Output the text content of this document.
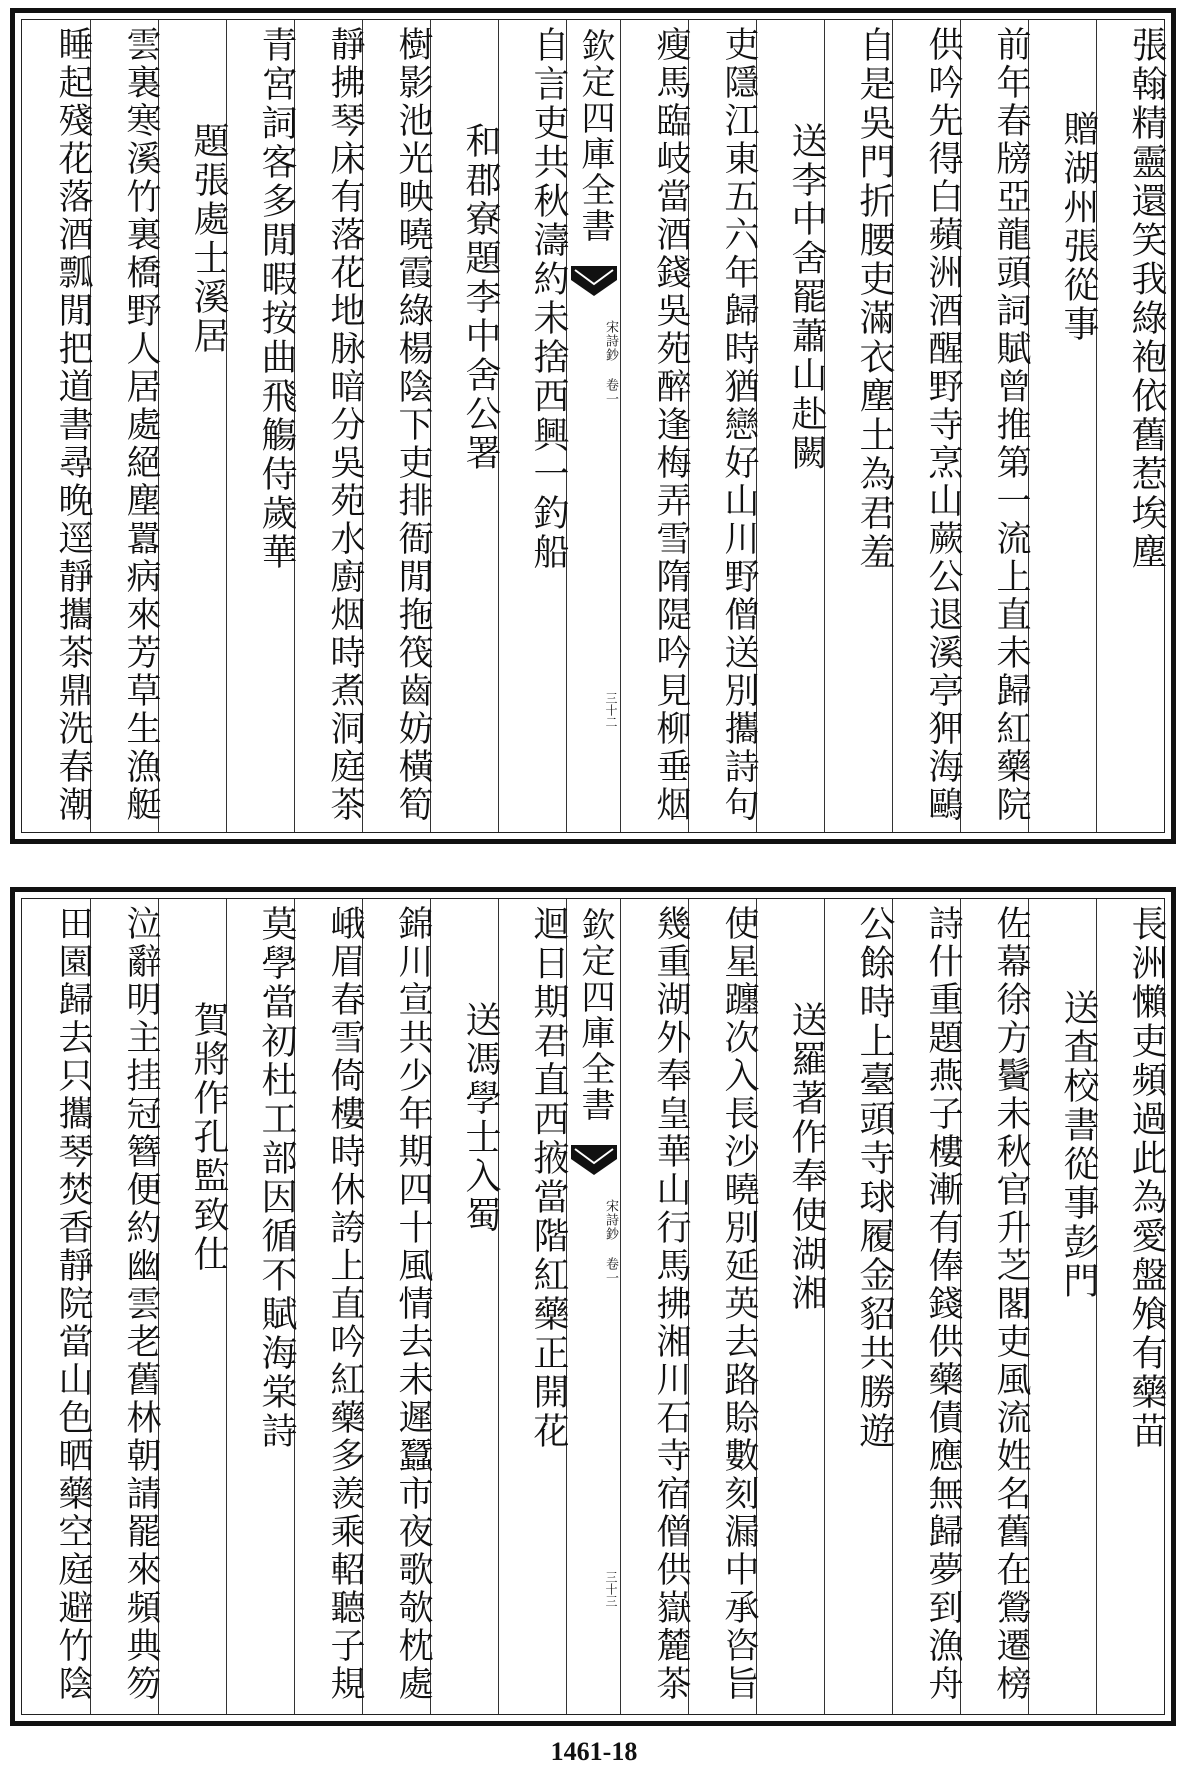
張翰精靈還笑我綠袍依舊惹埃塵
贈湖州張從事
前年春牓亞龍頭詞賦曾推第一流上直未歸紅藥院
供吟先得白蘋洲酒醒野寺烹山蕨公退溪亭狎海鷗
自是吳門折腰吏滿衣塵土為君羞
送李中舍罷蕭山赴闕
吏隱江東五六年歸時猶戀好山川野僧送別攜詩句
瘦馬臨岐當酒錢吳苑醉逢梅弄雪隋隄吟見柳垂烟
欽定四庫全書
宋詩鈔 卷一
三十二
自言吏共秋濤約未捨西興一釣船
和郡寮題李中舍公署
樹影池光映曉霞綠楊陰下吏排衙閒拖筏齒妨橫筍
靜拂琴床有落花地脉暗分吳苑水廚烟時煮洞庭茶
青宮詞客多閒暇按曲飛觴侍歲華
題張處士溪居
雲裏寒溪竹裏橋野人居處絕塵囂病來芳草生漁艇
睡起殘花落酒瓢閒把道書尋晚逕靜攜茶鼎洗春潮
長洲懶吏頻過此為愛盤飧有藥苗
送査校書從事彭門
佐幕徐方鬢未秋官升芝閣吏風流姓名舊在鶯遷榜
詩什重題燕子樓漸有俸錢供藥債應無歸夢到漁舟
公餘時上臺頭寺球履金貂共勝遊
送羅著作奉使湖湘
使星躔次入長沙曉別延英去路賒數刻漏中承咨旨
幾重湖外奉皇華山行馬拂湘川石寺宿僧供嶽麓茶
欽定四庫全書
宋詩鈔 卷一
三十三
迴日期君直西掖當階紅藥正開花
送馮學士入蜀
錦川宣共少年期四十風情去未遲蠶市夜歌欹枕處
峨眉春雪倚樓時休誇上直吟紅藥多羨乘軺聽子規
莫學當初杜工部因循不賦海棠詩
賀將作孔監致仕
泣辭明主挂冠簪便約幽雲老舊林朝請罷來頻典笏
田園歸去只攜琴焚香靜院當山色晒藥空庭避竹陰
1461-18
